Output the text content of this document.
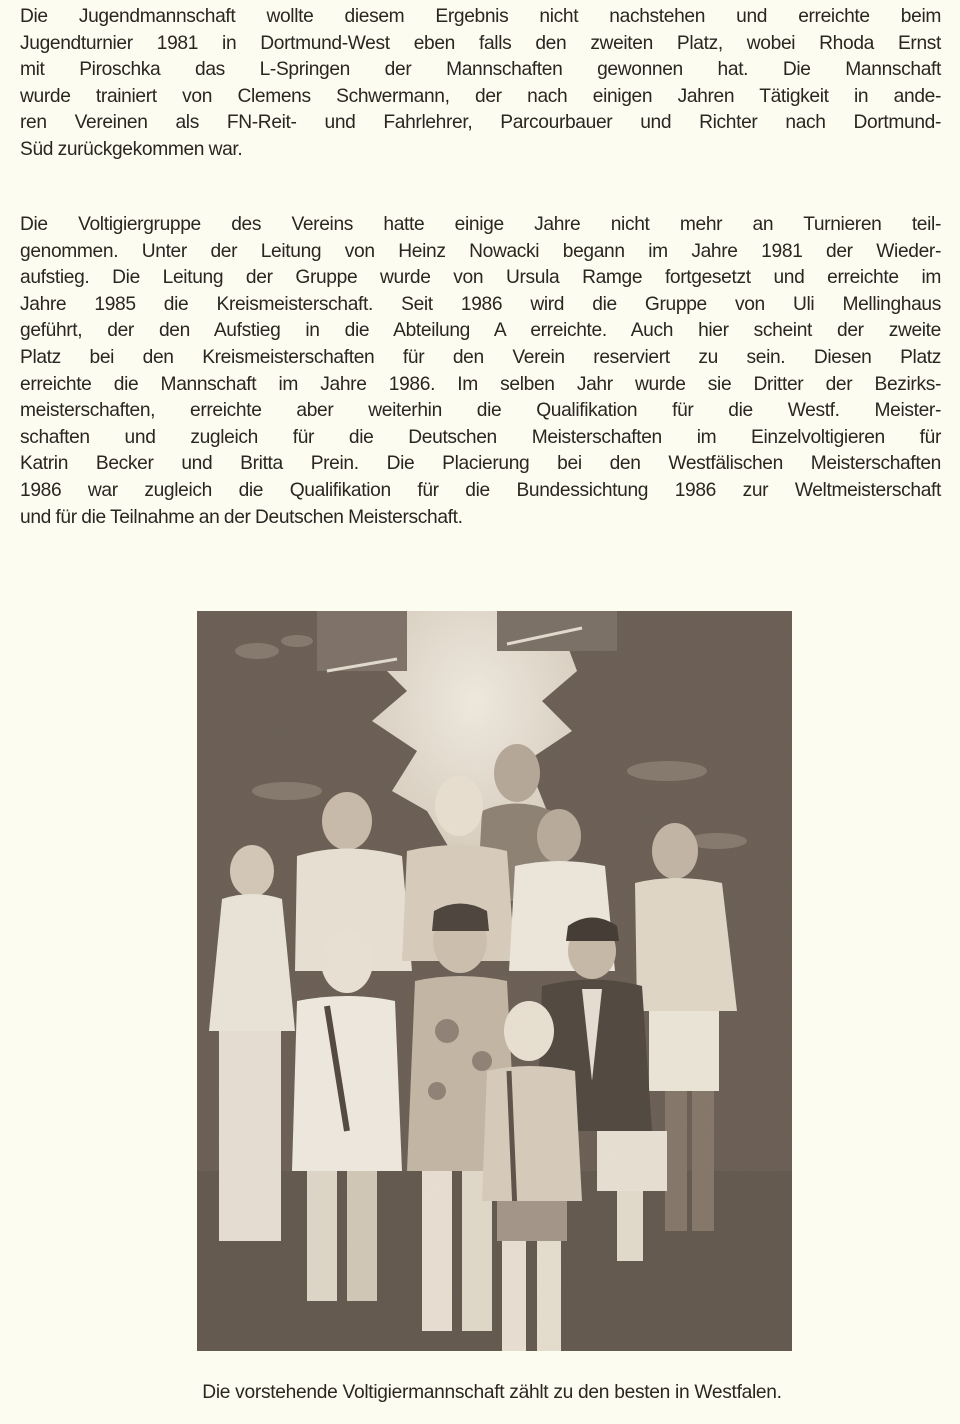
Die Jugendmannschaft wollte diesem Ergebnis nicht nachstehen und erreichte beim
Jugendturnier 1981 in Dortmund-West eben falls den zweiten Platz, wobei Rhoda Ernst
mit Piroschka das L-Springen der Mannschaften gewonnen hat. Die Mannschaft
wurde trainiert von Clemens Schwermann, der nach einigen Jahren Tätigkeit in ande-
ren Vereinen als FN-Reit- und Fahrlehrer, Parcourbauer und Richter nach Dortmund-
Süd zurückgekommen war.
Die Voltigiergruppe des Vereins hatte einige Jahre nicht mehr an Turnieren teil-
genommen. Unter der Leitung von Heinz Nowacki begann im Jahre 1981 der Wieder-
aufstieg. Die Leitung der Gruppe wurde von Ursula Ramge fortgesetzt und erreichte im
Jahre 1985 die Kreismeisterschaft. Seit 1986 wird die Gruppe von Uli Mellinghaus
geführt, der den Aufstieg in die Abteilung A erreichte. Auch hier scheint der zweite
Platz bei den Kreismeisterschaften für den Verein reserviert zu sein. Diesen Platz
erreichte die Mannschaft im Jahre 1986. Im selben Jahr wurde sie Dritter der Bezirks-
meisterschaften, erreichte aber weiterhin die Qualifikation für die Westf. Meister-
schaften und zugleich für die Deutschen Meisterschaften im Einzelvoltigieren für
Katrin Becker und Britta Prein. Die Placierung bei den Westfälischen Meisterschaften
1986 war zugleich die Qualifikation für die Bundessichtung 1986 zur Weltmeisterschaft
und für die Teilnahme an der Deutschen Meisterschaft.
Die vorstehende Voltigiermannschaft zählt zu den besten in Westfalen.
